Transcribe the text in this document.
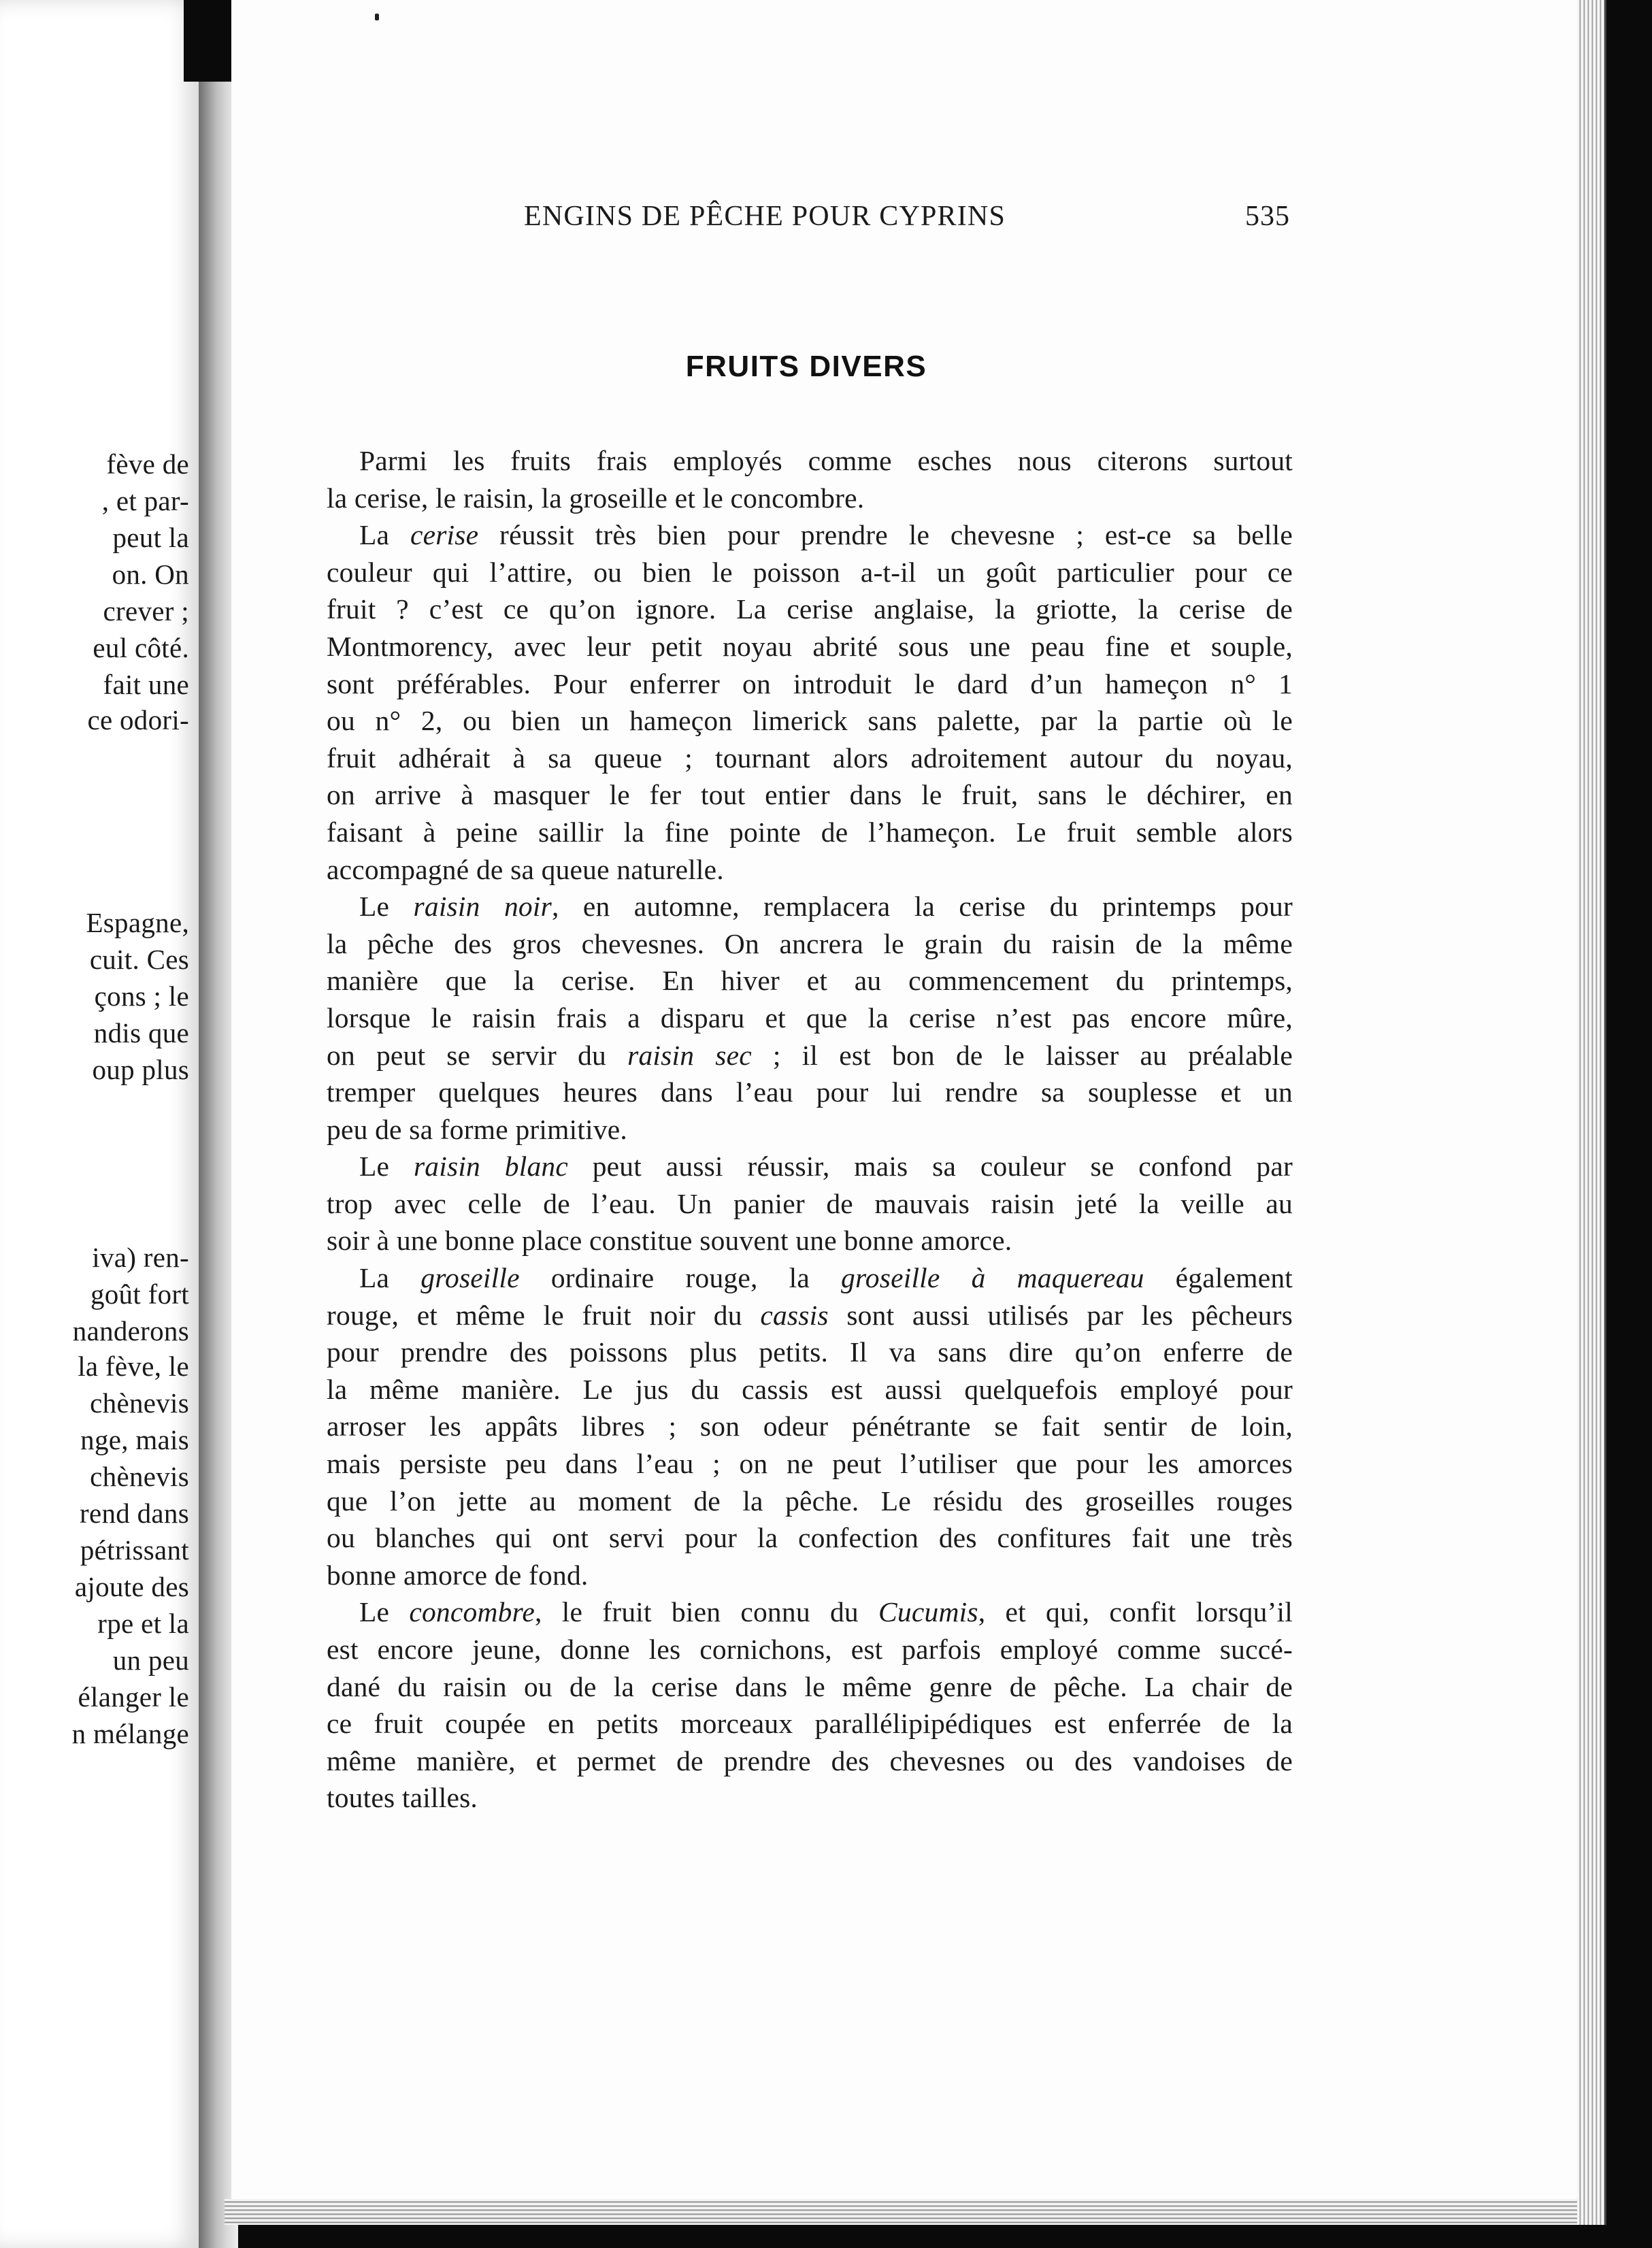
fève de
, et par-
peut la
on. On
crever ;
eul côté.
fait une
ce odori-
Espagne,
cuit. Ces
çons ; le
ndis que
oup plus
iva) ren-
goût fort
nanderons
la fève, le
chènevis
nge, mais
chènevis
rend dans
pétrissant
ajoute des
rpe et la
un peu
élanger le
n mélange
ENGINS DE PÊCHE POUR CYPRINS	535
FRUITS DIVERS
Parmi les fruits frais employés comme esches nous citerons surtout
la cerise, le raisin, la groseille et le concombre.
La cerise réussit très bien pour prendre le chevesne ; est-ce sa belle
couleur qui l’attire, ou bien le poisson a-t-il un goût particulier pour ce
fruit ? c’est ce qu’on ignore. La cerise anglaise, la griotte, la cerise de
Montmorency, avec leur petit noyau abrité sous une peau fine et souple,
sont préférables. Pour enferrer on introduit le dard d’un hameçon n° 1
ou n° 2, ou bien un hameçon limerick sans palette, par la partie où le
fruit adhérait à sa queue ; tournant alors adroitement autour du noyau,
on arrive à masquer le fer tout entier dans le fruit, sans le déchirer, en
faisant à peine saillir la fine pointe de l’hameçon. Le fruit semble alors
accompagné de sa queue naturelle.
Le raisin noir, en automne, remplacera la cerise du printemps pour
la pêche des gros chevesnes. On ancrera le grain du raisin de la même
manière que la cerise. En hiver et au commencement du printemps,
lorsque le raisin frais a disparu et que la cerise n’est pas encore mûre,
on peut se servir du raisin sec ; il est bon de le laisser au préalable
tremper quelques heures dans l’eau pour lui rendre sa souplesse et un
peu de sa forme primitive.
Le raisin blanc peut aussi réussir, mais sa couleur se confond par
trop avec celle de l’eau. Un panier de mauvais raisin jeté la veille au
soir à une bonne place constitue souvent une bonne amorce.
La groseille ordinaire rouge, la groseille à maquereau également
rouge, et même le fruit noir du cassis sont aussi utilisés par les pêcheurs
pour prendre des poissons plus petits. Il va sans dire qu’on enferre de
la même manière. Le jus du cassis est aussi quelquefois employé pour
arroser les appâts libres ; son odeur pénétrante se fait sentir de loin,
mais persiste peu dans l’eau ; on ne peut l’utiliser que pour les amorces
que l’on jette au moment de la pêche. Le résidu des groseilles rouges
ou blanches qui ont servi pour la confection des confitures fait une très
bonne amorce de fond.
Le concombre, le fruit bien connu du Cucumis, et qui, confit lorsqu’il
est encore jeune, donne les cornichons, est parfois employé comme succé-
dané du raisin ou de la cerise dans le même genre de pêche. La chair de
ce fruit coupée en petits morceaux parallélipipédiques est enferrée de la
même manière, et permet de prendre des chevesnes ou des vandoises de
toutes tailles.
